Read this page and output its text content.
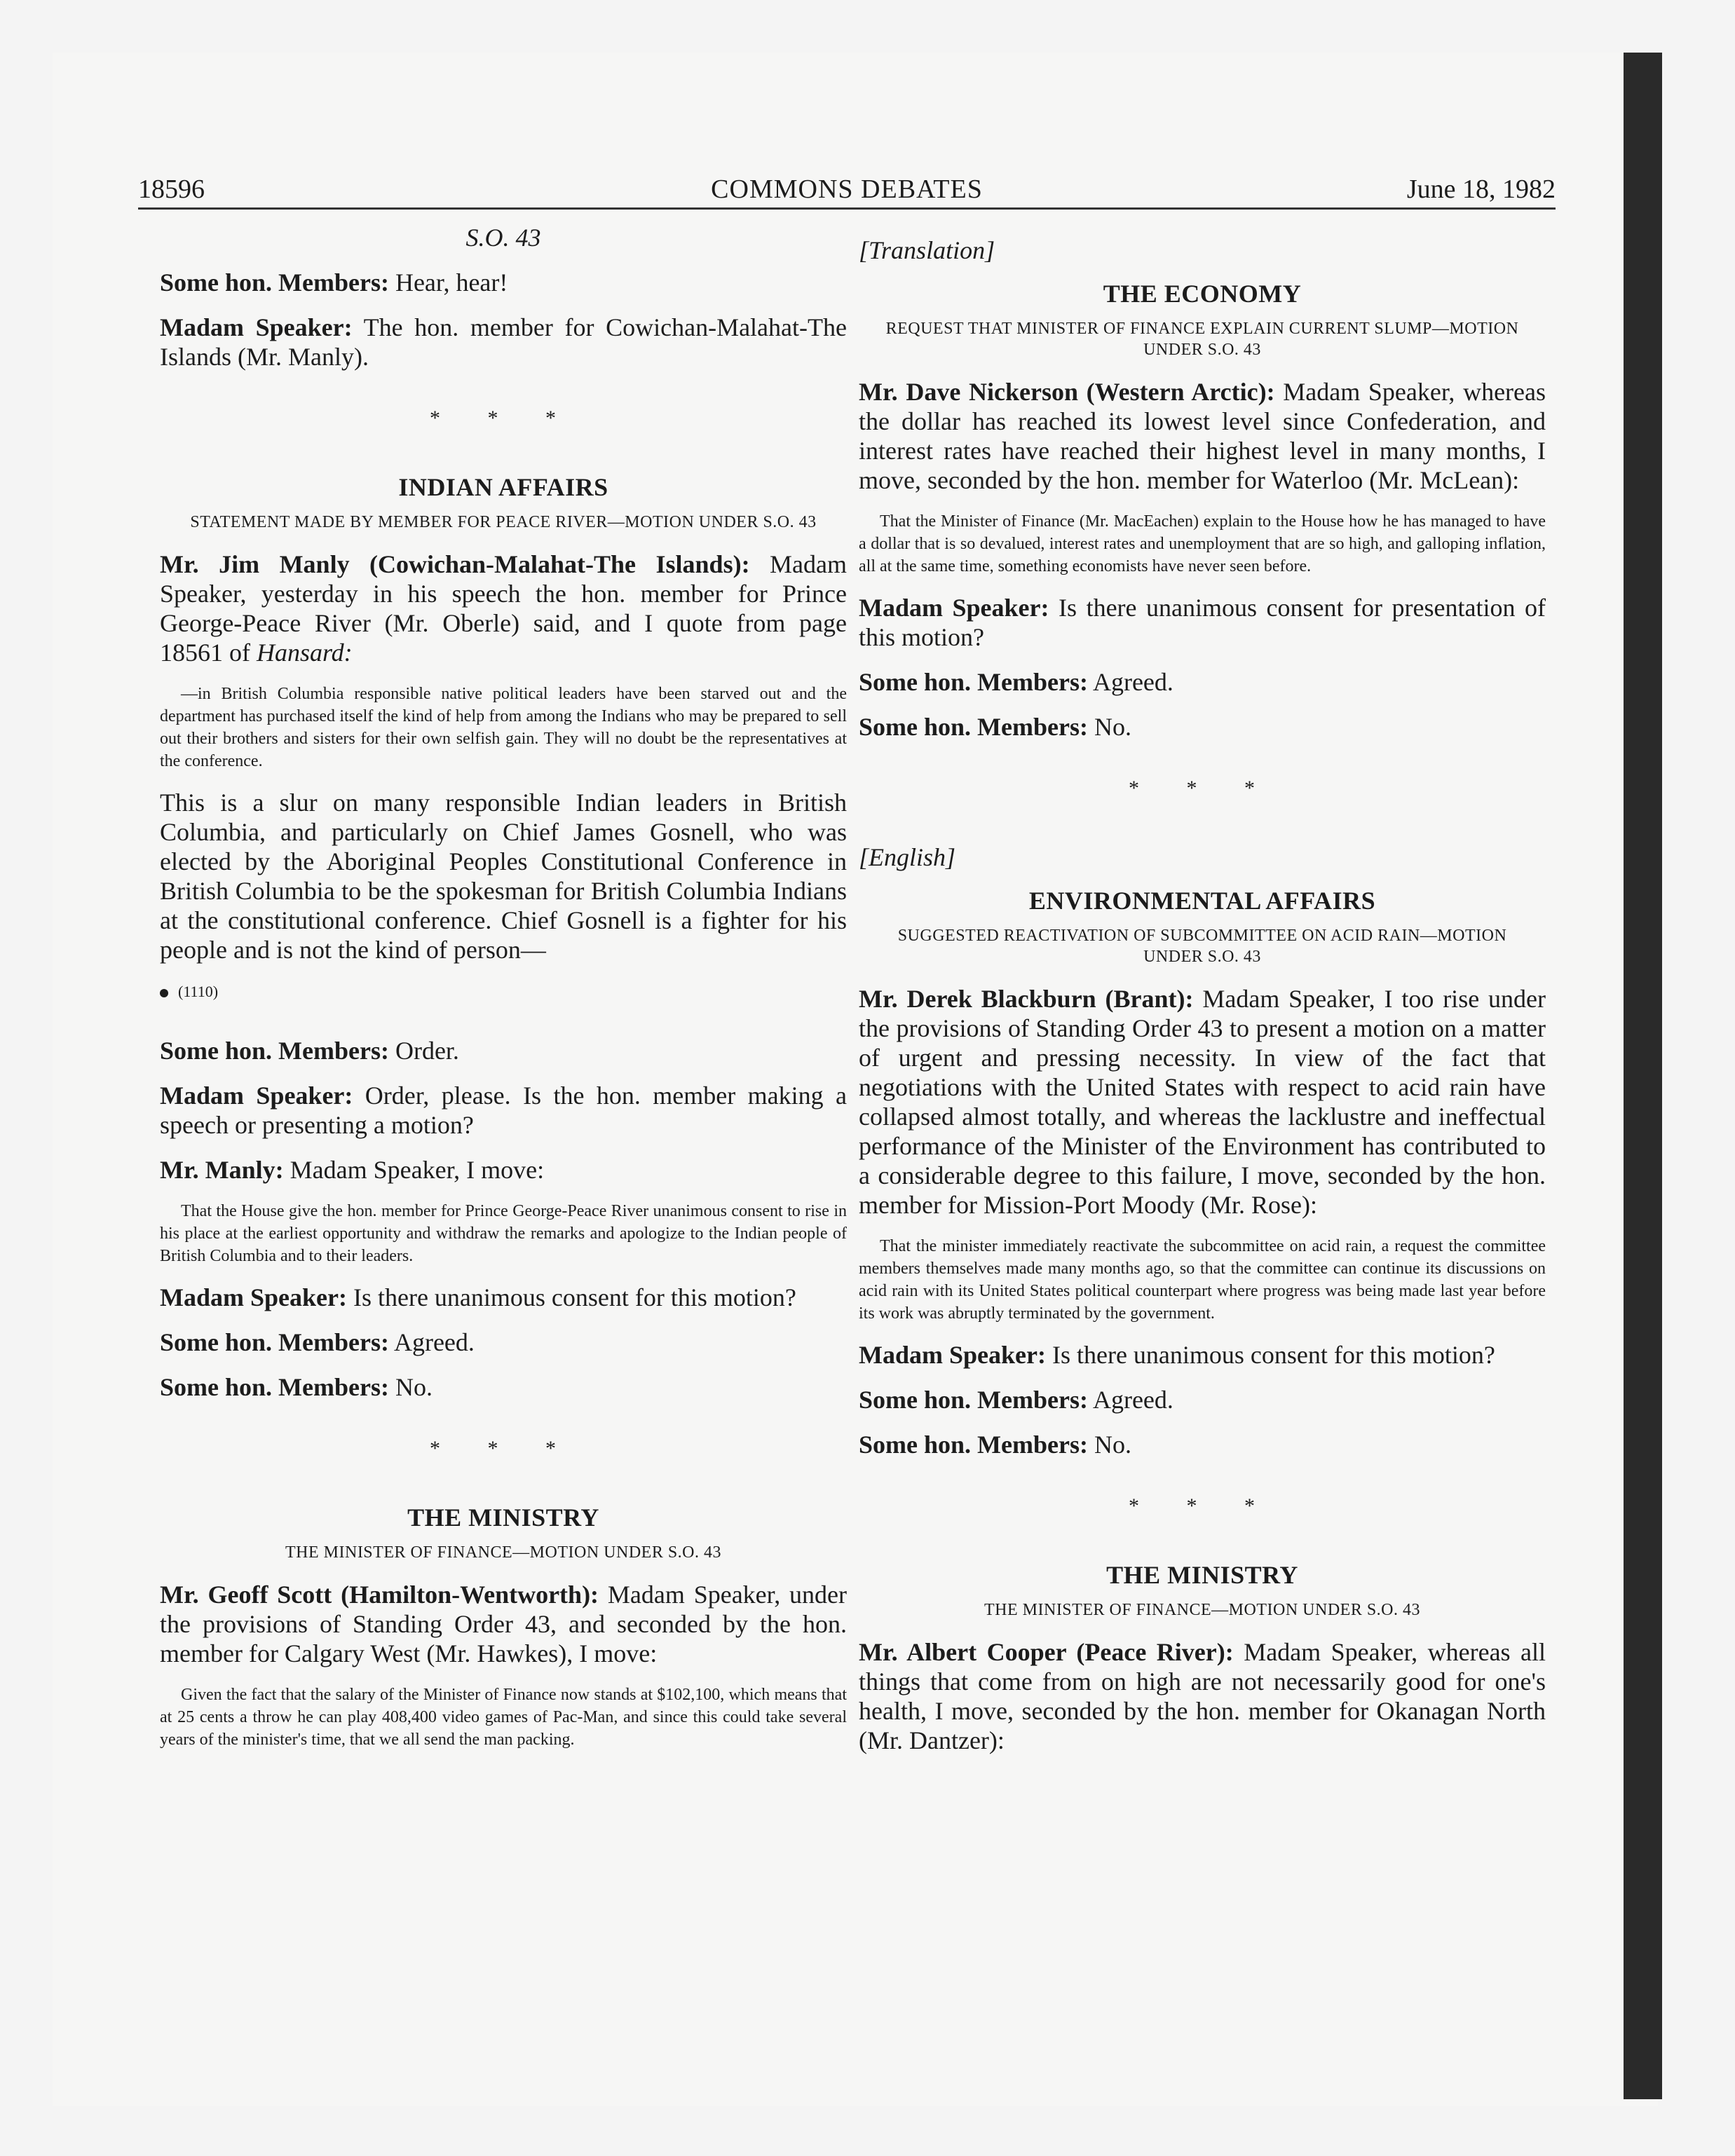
18596	COMMONS DEBATES	June 18, 1982

S.O. 43

Some hon. Members: Hear, hear!

Madam Speaker: The hon. member for Cowichan-Malahat-The Islands (Mr. Manly).

* * *

INDIAN AFFAIRS

STATEMENT MADE BY MEMBER FOR PEACE RIVER—MOTION UNDER S.O. 43

Mr. Jim Manly (Cowichan-Malahat-The Islands): Madam Speaker, yesterday in his speech the hon. member for Prince George-Peace River (Mr. Oberle) said, and I quote from page 18561 of Hansard:

—in British Columbia responsible native political leaders have been starved out and the department has purchased itself the kind of help from among the Indians who may be prepared to sell out their brothers and sisters for their own selfish gain. They will no doubt be the representatives at the conference.

This is a slur on many responsible Indian leaders in British Columbia, and particularly on Chief James Gosnell, who was elected by the Aboriginal Peoples Constitutional Conference in British Columbia to be the spokesman for British Columbia Indians at the constitutional conference. Chief Gosnell is a fighter for his people and is not the kind of person—

(1110)

Some hon. Members: Order.

Madam Speaker: Order, please. Is the hon. member making a speech or presenting a motion?

Mr. Manly: Madam Speaker, I move:

That the House give the hon. member for Prince George-Peace River unanimous consent to rise in his place at the earliest opportunity and withdraw the remarks and apologize to the Indian people of British Columbia and to their leaders.

Madam Speaker: Is there unanimous consent for this motion?

Some hon. Members: Agreed.

Some hon. Members: No.

* * *

THE MINISTRY

THE MINISTER OF FINANCE—MOTION UNDER S.O. 43

Mr. Geoff Scott (Hamilton-Wentworth): Madam Speaker, under the provisions of Standing Order 43, and seconded by the hon. member for Calgary West (Mr. Hawkes), I move:

Given the fact that the salary of the Minister of Finance now stands at $102,100, which means that at 25 cents a throw he can play 408,400 video games of Pac-Man, and since this could take several years of the minister's time, that we all send the man packing.

[Translation]

THE ECONOMY

REQUEST THAT MINISTER OF FINANCE EXPLAIN CURRENT SLUMP—MOTION UNDER S.O. 43

Mr. Dave Nickerson (Western Arctic): Madam Speaker, whereas the dollar has reached its lowest level since Confederation, and interest rates have reached their highest level in many months, I move, seconded by the hon. member for Waterloo (Mr. McLean):

That the Minister of Finance (Mr. MacEachen) explain to the House how he has managed to have a dollar that is so devalued, interest rates and unemployment that are so high, and galloping inflation, all at the same time, something economists have never seen before.

Madam Speaker: Is there unanimous consent for presentation of this motion?

Some hon. Members: Agreed.

Some hon. Members: No.

* * *

[English]

ENVIRONMENTAL AFFAIRS

SUGGESTED REACTIVATION OF SUBCOMMITTEE ON ACID RAIN—MOTION UNDER S.O. 43

Mr. Derek Blackburn (Brant): Madam Speaker, I too rise under the provisions of Standing Order 43 to present a motion on a matter of urgent and pressing necessity. In view of the fact that negotiations with the United States with respect to acid rain have collapsed almost totally, and whereas the lacklustre and ineffectual performance of the Minister of the Environment has contributed to a considerable degree to this failure, I move, seconded by the hon. member for Mission-Port Moody (Mr. Rose):

That the minister immediately reactivate the subcommittee on acid rain, a request the committee members themselves made many months ago, so that the committee can continue its discussions on acid rain with its United States political counterpart where progress was being made last year before its work was abruptly terminated by the government.

Madam Speaker: Is there unanimous consent for this motion?

Some hon. Members: Agreed.

Some hon. Members: No.

* * *

THE MINISTRY

THE MINISTER OF FINANCE—MOTION UNDER S.O. 43

Mr. Albert Cooper (Peace River): Madam Speaker, whereas all things that come from on high are not necessarily good for one's health, I move, seconded by the hon. member for Okanagan North (Mr. Dantzer):
